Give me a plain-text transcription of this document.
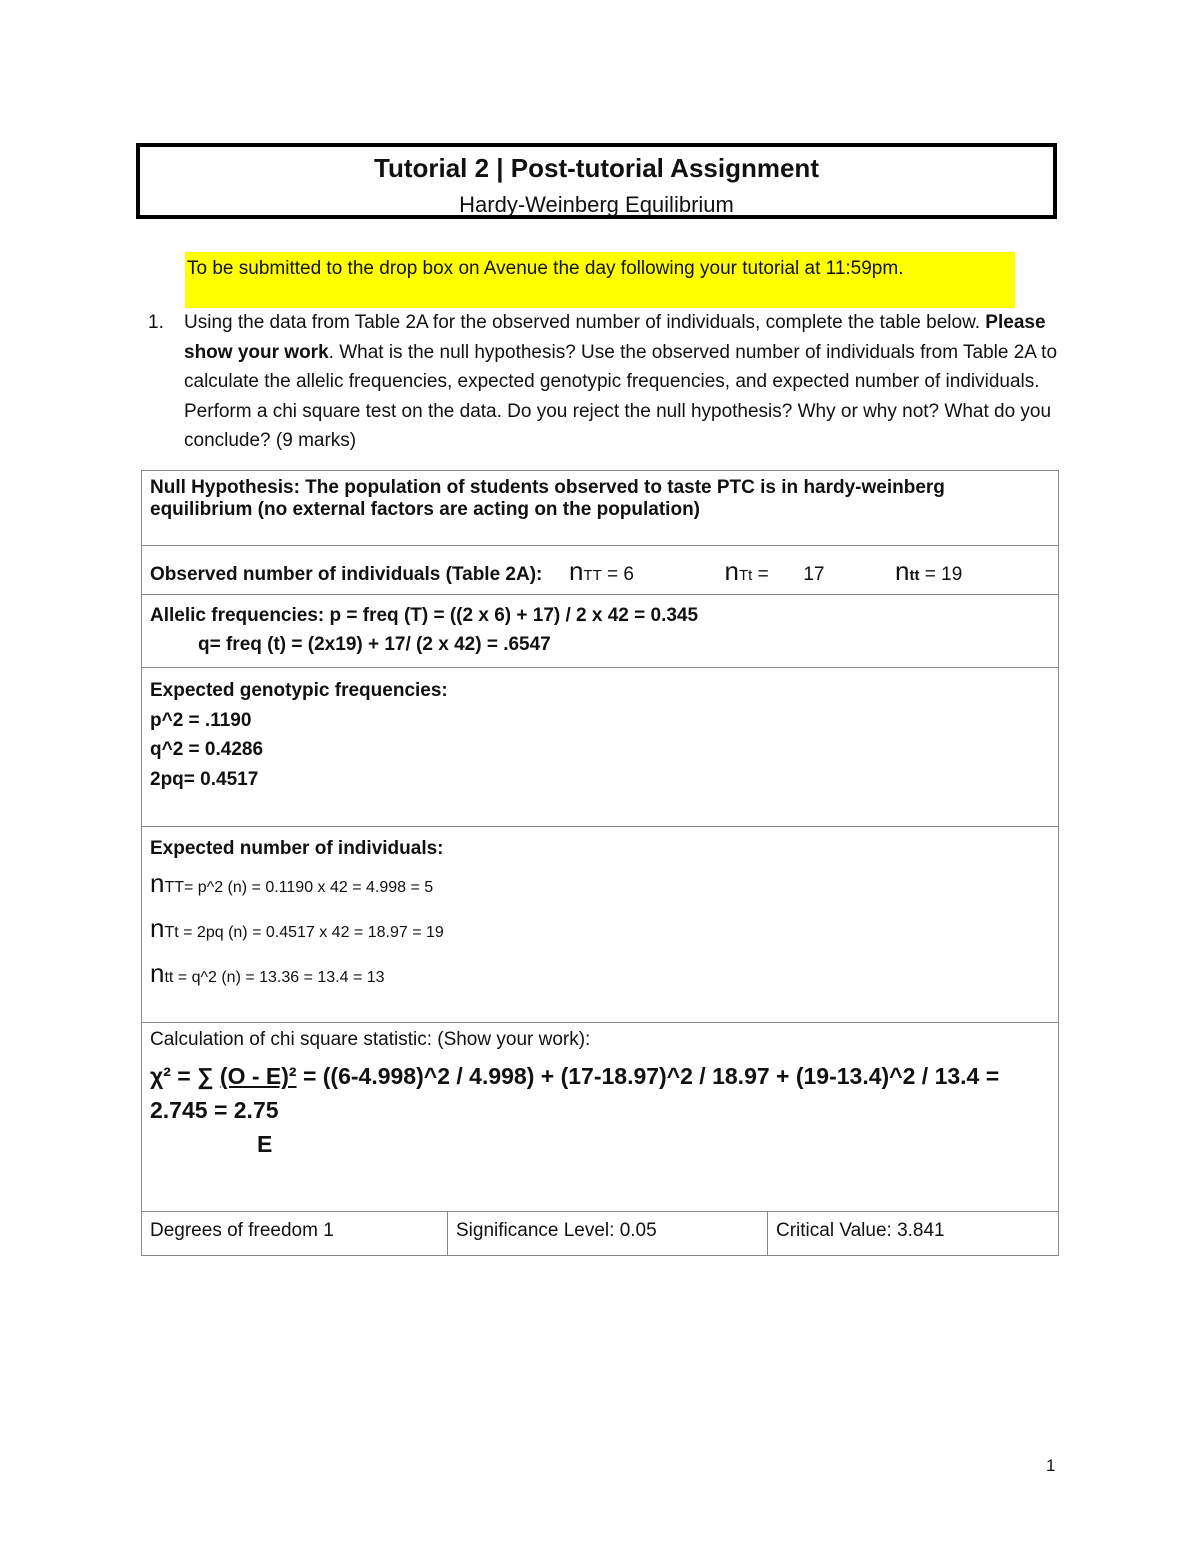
Tutorial 2 | Post-tutorial Assignment
Hardy-Weinberg Equilibrium
To be submitted to the drop box on Avenue the day following your tutorial at 11:59pm.
1. Using the data from Table 2A for the observed number of individuals, complete the table below. Please show your work. What is the null hypothesis? Use the observed number of individuals from Table 2A to calculate the allelic frequencies, expected genotypic frequencies, and expected number of individuals. Perform a chi square test on the data. Do you reject the null hypothesis? Why or why not? What do you conclude? (9 marks)
Null Hypothesis: The population of students observed to taste PTC is in hardy-weinberg equilibrium (no external factors are acting on the population)
Observed number of individuals (Table 2A): nTT = 6	nTt = 17	ntt = 19

Allelic frequencies: p = freq (T) = ((2 x 6) + 17) / 2 x 42 = 0.345
q= freq (t) = (2x19) + 17/ (2 x 42) = .6547

Expected genotypic frequencies:
p^2 = .1190
q^2 = 0.4286
2pq= 0.4517

Expected number of individuals:
nTT= p^2 (n) = 0.1190 x 42 = 4.998 = 5
nTt = 2pq (n) = 0.4517 x 42 = 18.97 = 19
ntt = q^2 (n) = 13.36 = 13.4 = 13

Calculation of chi square statistic: (Show your work):
χ² = ∑ (O - E)² = ((6-4.998)^2 / 4.998) + (17-18.97)^2 / 18.97 + (19-13.4)^2 / 13.4 = 2.745 = 2.75
E

Degrees of freedom 1	Significance Level: 0.05	Critical Value: 3.841
1
